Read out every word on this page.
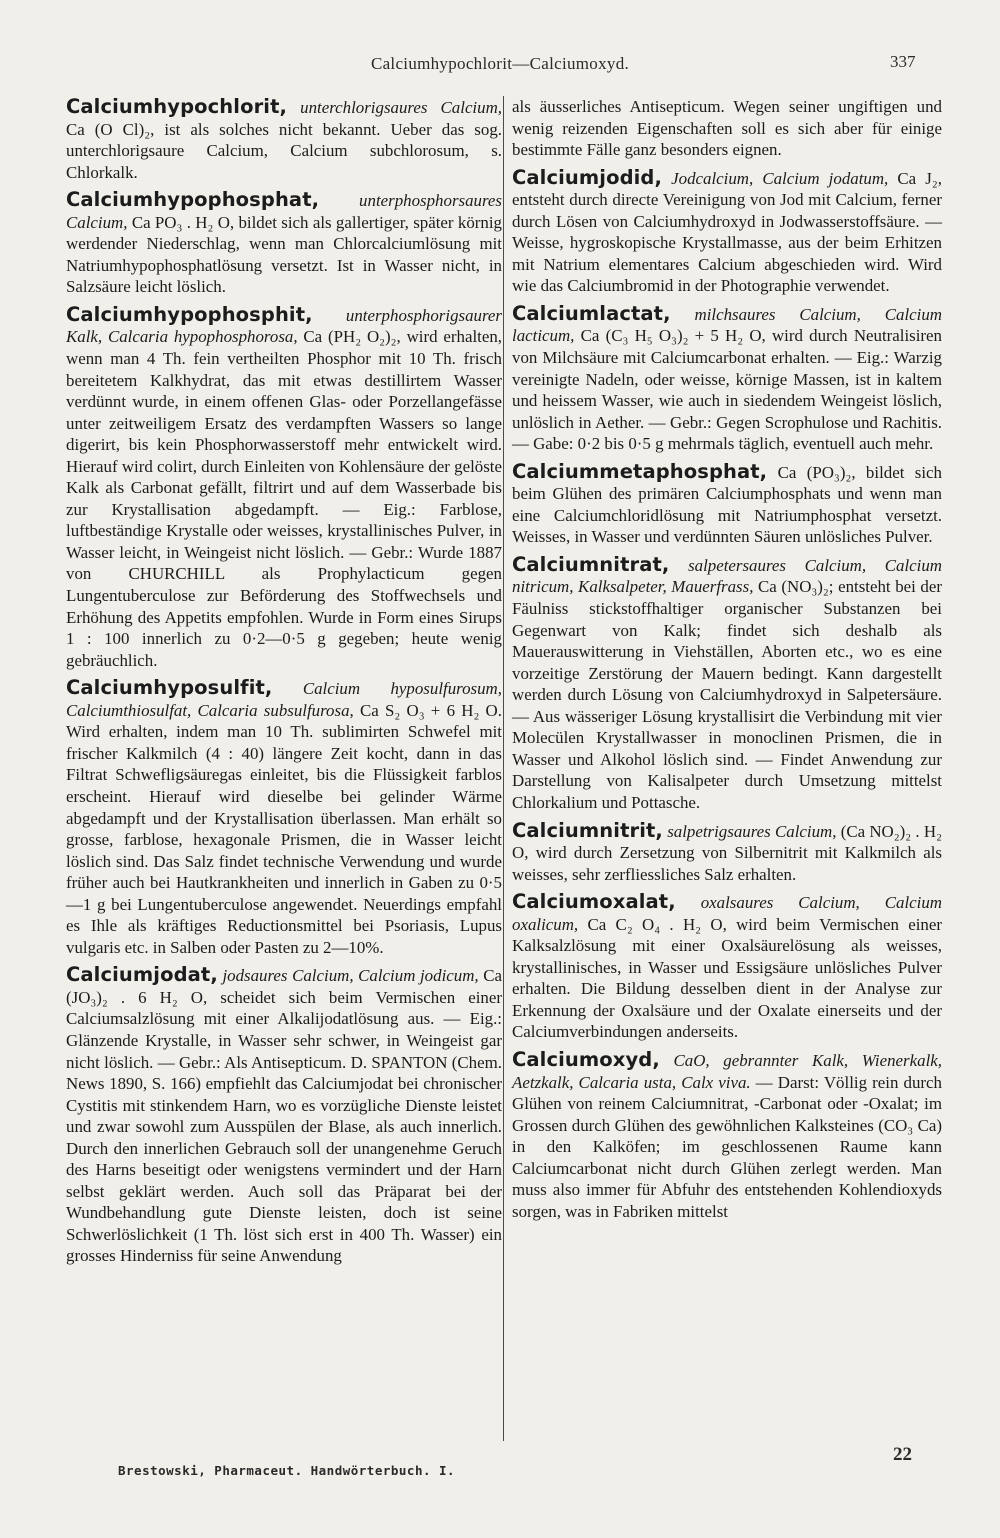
Calciumhypochlorit—Calciumoxyd.	337

Calciumhypochlorit, unterchlorigsaures Calcium, Ca (O Cl)₂, ist als solches nicht bekannt. Ueber das sog. unterchlorigsaure Calcium, Calcium subchlorosum, s. Chlorkalk.

Calciumhypophosphat, unterphosphorsaures Calcium, Ca PO₃ . H₂ O, bildet sich als gallertiger, später körnig werdender Niederschlag, wenn man Chlorcalciumlösung mit Natriumhypophosphatlösung versetzt. Ist in Wasser nicht, in Salzsäure leicht löslich.

Calciumhypophosphit, unterphosphorigsaurer Kalk, Calcaria hypophosphorosa, Ca (PH₂ O₂)₂, wird erhalten, wenn man 4 Th. fein vertheilten Phosphor mit 10 Th. frisch bereitetem Kalkhydrat, das mit etwas destillirtem Wasser verdünnt wurde, in einem offenen Glas- oder Porzellangefässe unter zeitweiligem Ersatz des verdampften Wassers so lange digerirt, bis kein Phosphorwasserstoff mehr entwickelt wird. Hierauf wird colirt, durch Einleiten von Kohlensäure der gelöste Kalk als Carbonat gefällt, filtrirt und auf dem Wasserbade bis zur Krystallisation abgedampft. — Eig.: Farblose, luftbeständige Krystalle oder weisses, krystallinisches Pulver, in Wasser leicht, in Weingeist nicht löslich. — Gebr.: Wurde 1887 von CHURCHILL als Prophylacticum gegen Lungentuberculose zur Beförderung des Stoffwechsels und Erhöhung des Appetits empfohlen. Wurde in Form eines Sirups 1 : 100 innerlich zu 0·2—0·5 g gegeben; heute wenig gebräuchlich.

Calciumhyposulfit, Calcium hyposulfurosum, Calciumthiosulfat, Calcaria subsulfurosa, Ca S₂ O₃ + 6 H₂ O. Wird erhalten, indem man 10 Th. sublimirten Schwefel mit frischer Kalkmilch (4 : 40) längere Zeit kocht, dann in das Filtrat Schwefligsäuregas einleitet, bis die Flüssigkeit farblos erscheint. Hierauf wird dieselbe bei gelinder Wärme abgedampft und der Krystallisation überlassen. Man erhält so grosse, farblose, hexagonale Prismen, die in Wasser leicht löslich sind. Das Salz findet technische Verwendung und wurde früher auch bei Hautkrankheiten und innerlich in Gaben zu 0·5—1 g bei Lungentuberculose angewendet. Neuerdings empfahl es Ihle als kräftiges Reductionsmittel bei Psoriasis, Lupus vulgaris etc. in Salben oder Pasten zu 2—10%.

Calciumjodat, jodsaures Calcium, Calcium jodicum, Ca (JO₃)₂ . 6 H₂ O, scheidet sich beim Vermischen einer Calciumsalzlösung mit einer Alkalijodatlösung aus. — Eig.: Glänzende Krystalle, in Wasser sehr schwer, in Weingeist gar nicht löslich. — Gebr.: Als Antisepticum. D. SPANTON (Chem. News 1890, S. 166) empfiehlt das Calciumjodat bei chronischer Cystitis mit stinkendem Harn, wo es vorzügliche Dienste leistet und zwar sowohl zum Ausspülen der Blase, als auch innerlich. Durch den innerlichen Gebrauch soll der unangenehme Geruch des Harns beseitigt oder wenigstens vermindert und der Harn selbst geklärt werden. Auch soll das Präparat bei der Wundbehandlung gute Dienste leisten, doch ist seine Schwerlöslichkeit (1 Th. löst sich erst in 400 Th. Wasser) ein grosses Hinderniss für seine Anwendung

als äusserliches Antisepticum. Wegen seiner ungiftigen und wenig reizenden Eigenschaften soll es sich aber für einige bestimmte Fälle ganz besonders eignen.

Calciumjodid, Jodcalcium, Calcium jodatum, Ca J₂, entsteht durch directe Vereinigung von Jod mit Calcium, ferner durch Lösen von Calciumhydroxyd in Jodwasserstoffsäure. — Weisse, hygroskopische Krystallmasse, aus der beim Erhitzen mit Natrium elementares Calcium abgeschieden wird. Wird wie das Calciumbromid in der Photographie verwendet.

Calciumlactat, milchsaures Calcium, Calcium lacticum, Ca (C₃ H₅ O₃)₂ + 5 H₂ O, wird durch Neutralisiren von Milchsäure mit Calciumcarbonat erhalten. — Eig.: Warzig vereinigte Nadeln, oder weisse, körnige Massen, ist in kaltem und heissem Wasser, wie auch in siedendem Weingeist löslich, unlöslich in Aether. — Gebr.: Gegen Scrophulose und Rachitis. — Gabe: 0·2 bis 0·5 g mehrmals täglich, eventuell auch mehr.

Calciummetaphosphat, Ca (PO₃)₂, bildet sich beim Glühen des primären Calciumphosphats und wenn man eine Calciumchloridlösung mit Natriumphosphat versetzt. Weisses, in Wasser und verdünnten Säuren unlösliches Pulver.

Calciumnitrat, salpetersaures Calcium, Calcium nitricum, Kalksalpeter, Mauerfrass, Ca (NO₃)₂; entsteht bei der Fäulniss stickstoffhaltiger organischer Substanzen bei Gegenwart von Kalk; findet sich deshalb als Mauerauswitterung in Viehställen, Aborten etc., wo es eine vorzeitige Zerstörung der Mauern bedingt. Kann dargestellt werden durch Lösung von Calciumhydroxyd in Salpetersäure. — Aus wässeriger Lösung krystallisirt die Verbindung mit vier Molecülen Krystallwasser in monoclinen Prismen, die in Wasser und Alkohol löslich sind. — Findet Anwendung zur Darstellung von Kalisalpeter durch Umsetzung mittelst Chlorkalium und Pottasche.

Calciumnitrit, salpetrigsaures Calcium, (Ca NO₂)₂ . H₂ O, wird durch Zersetzung von Silbernitrit mit Kalkmilch als weisses, sehr zerfliessliches Salz erhalten.

Calciumoxalat, oxalsaures Calcium, Calcium oxalicum, Ca C₂ O₄ . H₂ O, wird beim Vermischen einer Kalksalzlösung mit einer Oxalsäurelösung als weisses, krystallinisches, in Wasser und Essigsäure unlösliches Pulver erhalten. Die Bildung desselben dient in der Analyse zur Erkennung der Oxalsäure und der Oxalate einerseits und der Calciumverbindungen anderseits.

Calciumoxyd, CaO, gebrannter Kalk, Wienerkalk, Aetzkalk, Calcaria usta, Calx viva. — Darst: Völlig rein durch Glühen von reinem Calciumnitrat, -Carbonat oder -Oxalat; im Grossen durch Glühen des gewöhnlichen Kalksteines (CO₃ Ca) in den Kalköfen; im geschlossenen Raume kann Calciumcarbonat nicht durch Glühen zerlegt werden. Man muss also immer für Abfuhr des entstehenden Kohlendioxyds sorgen, was in Fabriken mittelst

Brestowski, Pharmaceut. Handwörterbuch. I.
22
